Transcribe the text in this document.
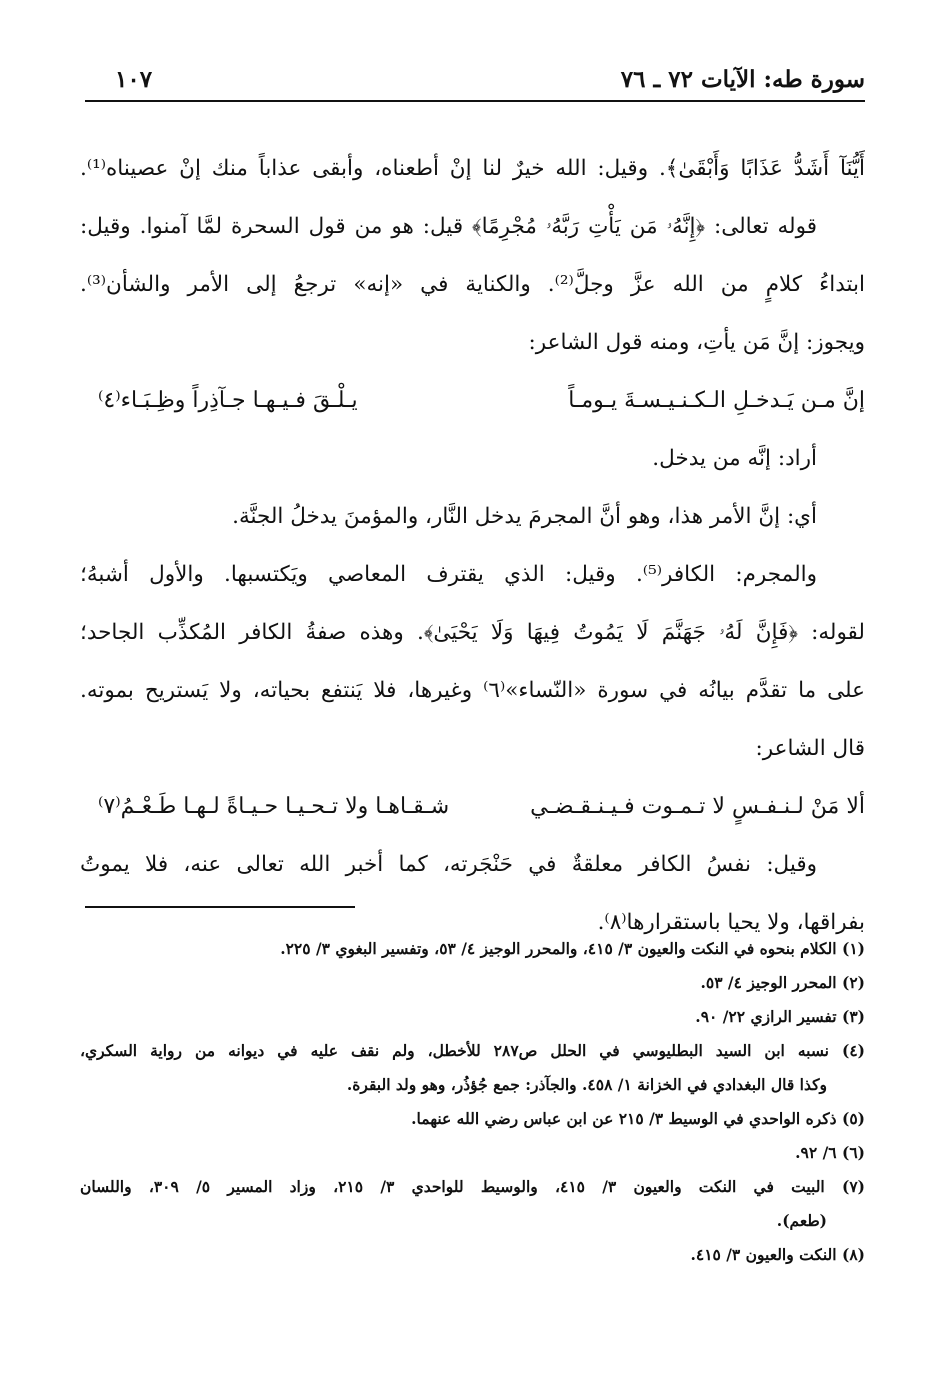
سورة طه: الآيات ٧٢ ـ ٧٦
١٠٧
أَيُّنَآ أَشَدُّ عَذَابًا وَأَبْقَىٰ﴾. وقيل: الله خيرٌ لنا إنْ أطعناه، وأبقى عذاباً منك إنْ عصيناه⁽¹⁾.
قوله تعالى: ﴿إِنَّهُۥ مَن يَأْتِ رَبَّهُۥ مُجْرِمًا﴾ قيل: هو من قول السحرة لمَّا آمنوا. وقيل:
ابتداءُ كلامٍ من الله عزَّ وجلَّ⁽²⁾. والكناية في «إنه» ترجعُ إلى الأمر والشأن⁽³⁾.
ويجوز: إنَّ مَن يأتِ، ومنه قول الشاعر:
إنَّ مـن يَـدخـلِ الـكـنـيـسـةَ يـومـاً
يـلْـقَ فـيـهـا جـآذِراً وظِـبَـاء⁽٤⁾
أراد: إنَّه من يدخل.
أي: إنَّ الأمر هذا، وهو أنَّ المجرمَ يدخل النَّار، والمؤمنَ يدخلُ الجنَّة.
والمجرم: الكافر⁽⁵⁾. وقيل: الذي يقترف المعاصي ويَكتسبها. والأول أشبهُ؛
لقوله: ﴿فَإِنَّ لَهُۥ جَهَنَّمَ لَا يَمُوتُ فِيهَا وَلَا يَحْيَىٰ﴾. وهذه صفةُ الكافر المُكذِّب الجاحد؛
على ما تقدَّم بيانُه في سورة «النّساء»⁽٦⁾ وغيرها، فلا يَنتفع بحياته، ولا يَستريح بموته.
قال الشاعر:
ألا مَنْ لـنـفـسٍ لا تـمـوت فـيـنـقـضـي
شـقـاهـا ولا تـحـيـا حـيـاةً لـهـا طَـعْـمُ⁽٧⁾
وقيل: نفسُ الكافر معلقةٌ في حَنْجَرته، كما أخبر الله تعالى عنه، فلا يموتُ
بفراقها، ولا يحيا باستقرارها⁽٨⁾.
(١) الكلام بنحوه في النكت والعيون ٣/ ٤١٥، والمحرر الوجيز ٤/ ٥٣، وتفسير البغوي ٣/ ٢٢٥.
(٢) المحرر الوجيز ٤/ ٥٣.
(٣) تفسير الرازي ٢٢/ ٩٠.
(٤) نسبه ابن السيد البطليوسي في الحلل ص٢٨٧ للأخطل، ولم نقف عليه في ديوانه من رواية السكري،
وكذا قال البغدادي في الخزانة ١/ ٤٥٨. والجآذر: جمع جُؤذُر، وهو ولد البقرة.
(٥) ذكره الواحدي في الوسيط ٣/ ٢١٥ عن ابن عباس رضي الله عنهما.
(٦) ٦/ ٩٢.
(٧) البيت في النكت والعيون ٣/ ٤١٥، والوسيط للواحدي ٣/ ٢١٥، وزاد المسير ٥/ ٣٠٩، واللسان
(طعم).
(٨) النكت والعيون ٣/ ٤١٥.
